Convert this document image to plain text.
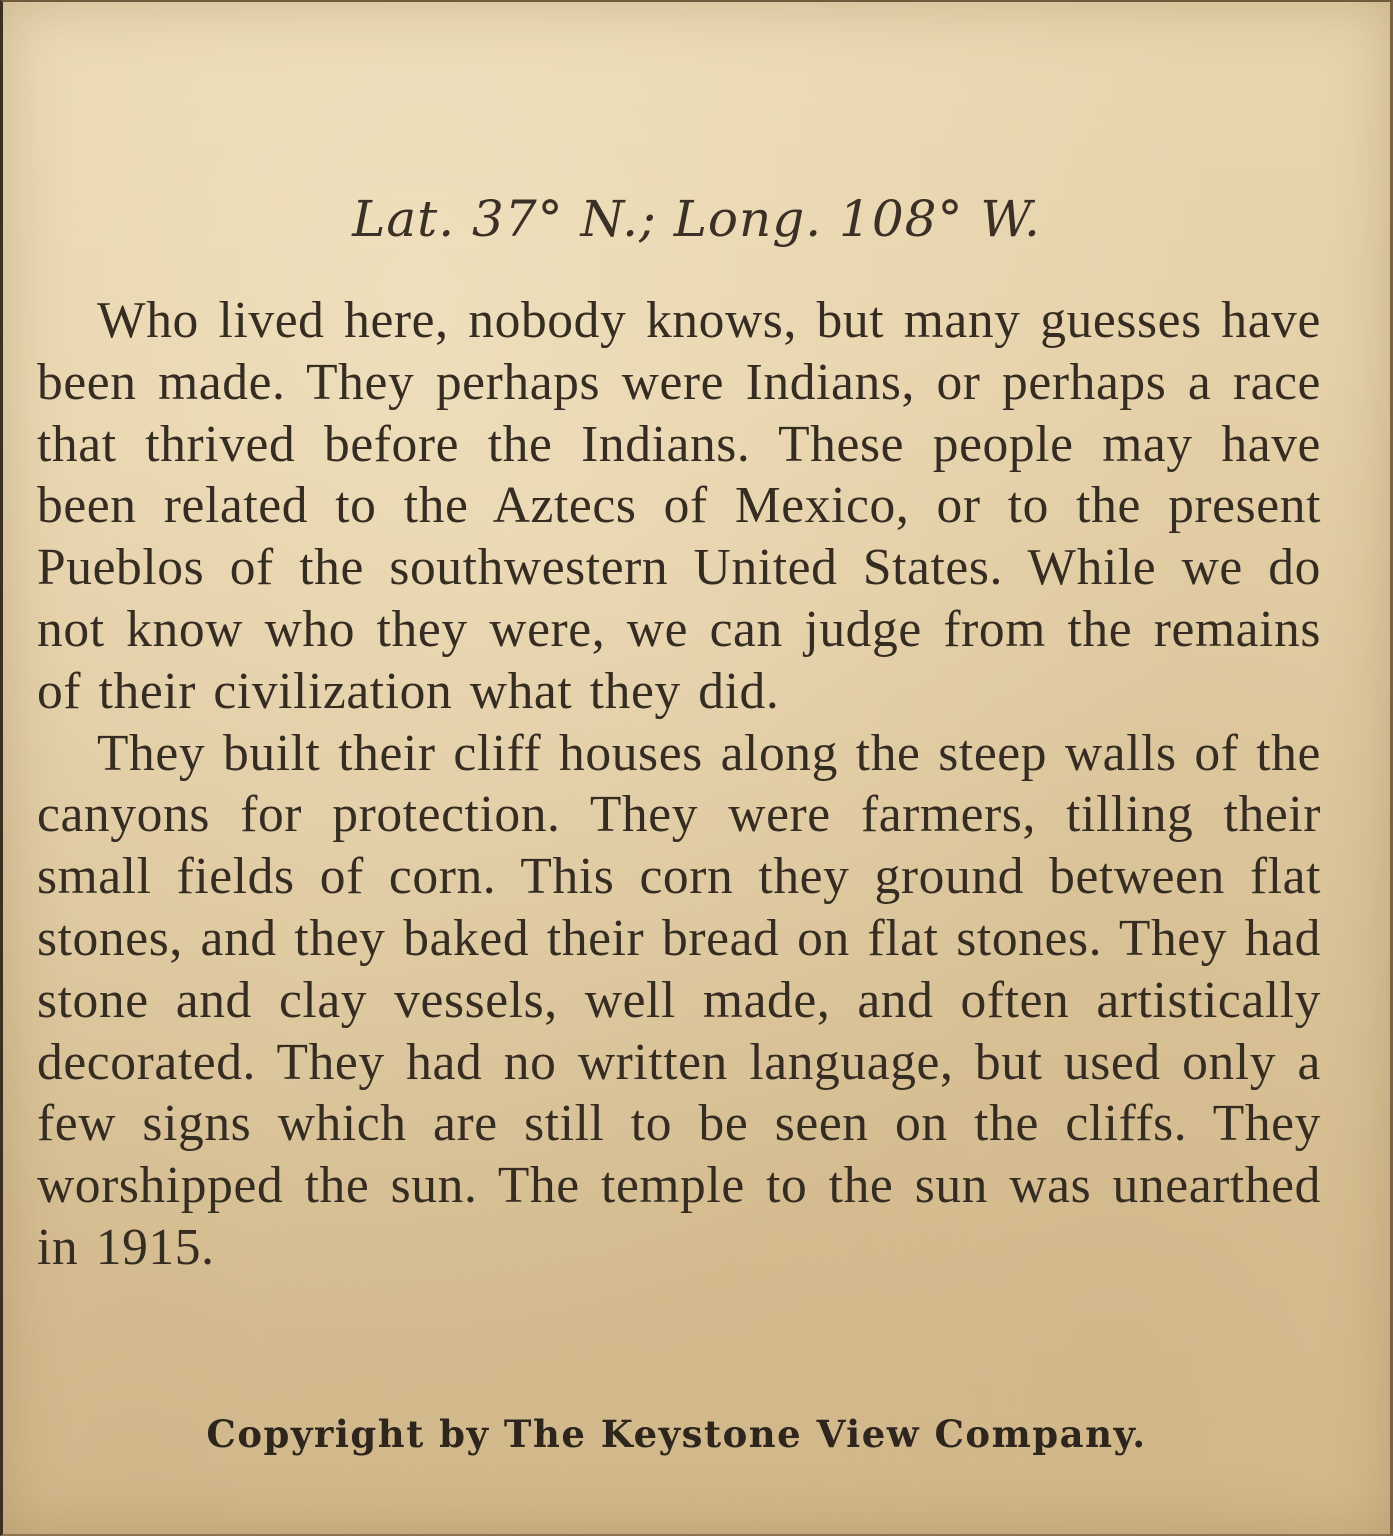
Lat. 37° N.; Long. 108° W.

Who lived here, nobody knows, but many guesses have been made. They perhaps were Indians, or perhaps a race that thrived before the Indians. These people may have been related to the Aztecs of Mexico, or to the present Pueblos of the southwestern United States. While we do not know who they were, we can judge from the remains of their civilization what they did.

They built their cliff houses along the steep walls of the canyons for protection. They were farmers, tilling their small fields of corn. This corn they ground between flat stones, and they baked their bread on flat stones. They had stone and clay vessels, well made, and often artistically decorated. They had no written language, but used only a few signs which are still to be seen on the cliffs. They worshipped the sun. The temple to the sun was unearthed in 1915.

Copyright by The Keystone View Company.
